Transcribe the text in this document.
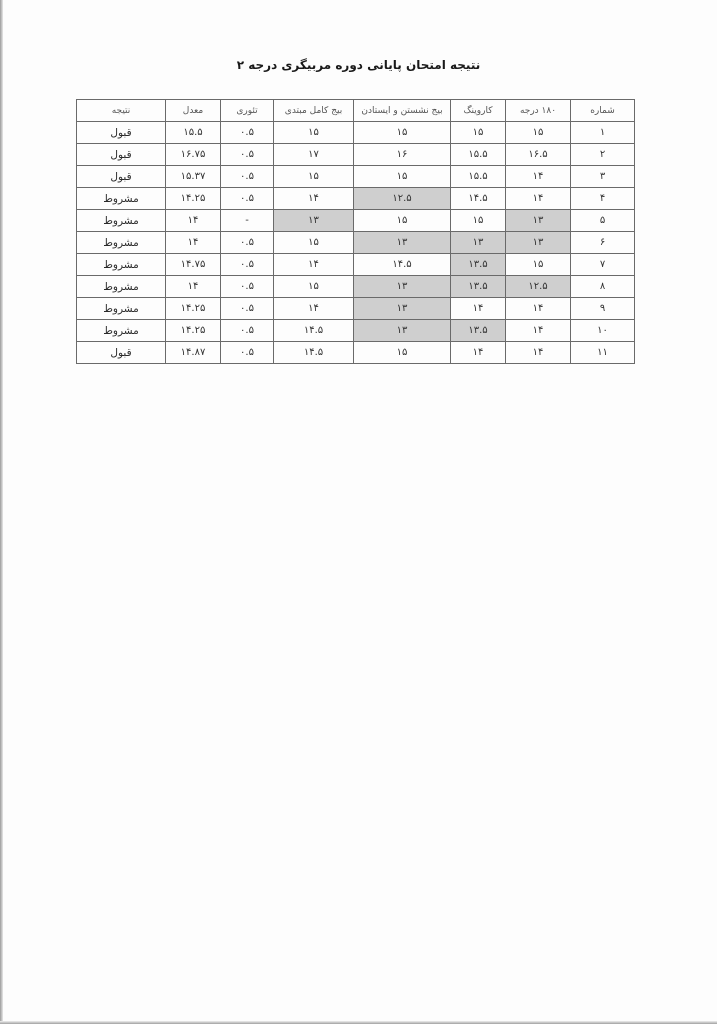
نتیجه امتحان پایانی دوره مربیگری درجه ۲
شماره	۱۸۰ درجه	کاروینگ	بیج نشستن و ایستادن	بیج کامل مبتدی	تئوری	معدل	نتیجه
۱	۱۵	۱۵	۱۵	۱۵	۰.۵	۱۵.۵	قبول
۲	۱۶.۵	۱۵.۵	۱۶	۱۷	۰.۵	۱۶.۷۵	قبول
۳	۱۴	۱۵.۵	۱۵	۱۵	۰.۵	۱۵.۳۷	قبول
۴	۱۴	۱۴.۵	۱۲.۵	۱۴	۰.۵	۱۴.۲۵	مشروط
۵	۱۳	۱۵	۱۵	۱۳	-	۱۴	مشروط
۶	۱۳	۱۳	۱۳	۱۵	۰.۵	۱۴	مشروط
۷	۱۵	۱۳.۵	۱۴.۵	۱۴	۰.۵	۱۴.۷۵	مشروط
۸	۱۲.۵	۱۳.۵	۱۳	۱۵	۰.۵	۱۴	مشروط
۹	۱۴	۱۴	۱۳	۱۴	۰.۵	۱۴.۲۵	مشروط
۱۰	۱۴	۱۳.۵	۱۳	۱۴.۵	۰.۵	۱۴.۲۵	مشروط
۱۱	۱۴	۱۴	۱۵	۱۴.۵	۰.۵	۱۴.۸۷	قبول
